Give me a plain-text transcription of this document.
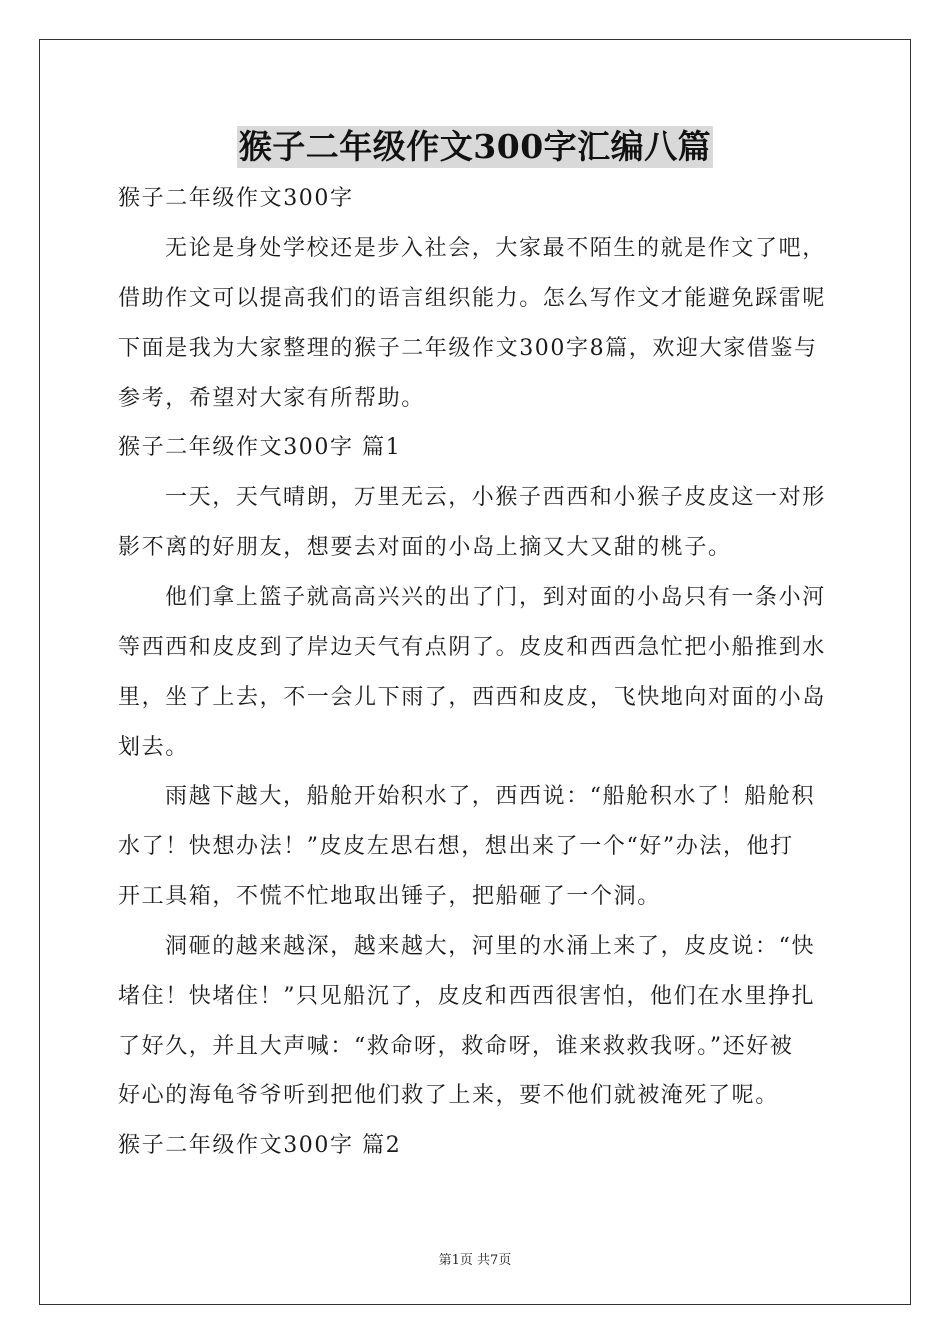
猴子二年级作文300字汇编八篇
猴子二年级作文300字
无论是身处学校还是步入社会，大家最不陌生的就是作文了吧，
借助作文可以提高我们的语言组织能力。怎么写作文才能避免踩雷呢
下面是我为大家整理的猴子二年级作文300字8篇，欢迎大家借鉴与
参考，希望对大家有所帮助。
猴子二年级作文300字 篇1
一天，天气晴朗，万里无云，小猴子西西和小猴子皮皮这一对形
影不离的好朋友，想要去对面的小岛上摘又大又甜的桃子。
他们拿上篮子就高高兴兴的出了门，到对面的小岛只有一条小河
等西西和皮皮到了岸边天气有点阴了。皮皮和西西急忙把小船推到水
里，坐了上去，不一会儿下雨了，西西和皮皮，飞快地向对面的小岛
划去。
雨越下越大，船舱开始积水了，西西说：“船舱积水了！船舱积
水了！快想办法！”皮皮左思右想，想出来了一个“好”办法，他打
开工具箱，不慌不忙地取出锤子，把船砸了一个洞。
洞砸的越来越深，越来越大，河里的水涌上来了，皮皮说：“快
堵住！快堵住！”只见船沉了，皮皮和西西很害怕，他们在水里挣扎
了好久，并且大声喊：“救命呀，救命呀，谁来救救我呀。”还好被
好心的海龟爷爷听到把他们救了上来，要不他们就被淹死了呢。
猴子二年级作文300字 篇2
第1页 共7页
